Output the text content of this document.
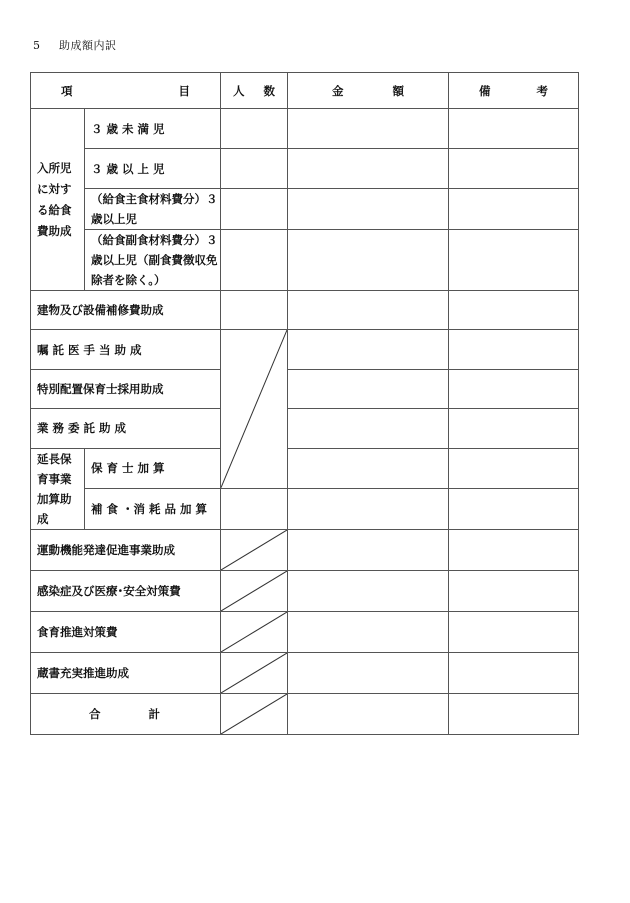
5 助成額内訳
項 目		人 数	金 額	備 考

入所児
に対す
る給食
費助成	３ 歳 未 満 児			
	３ 歳 以 上 児			
	（給食主食材料費分）３歳以上児			
	（給食副食材料費分）３歳以上児（副食費徴収免除者を除く。）			
建物及び設備補修費助成				
嘱 託 医 手 当 助 成	

特別配置保育士採用助成				
業 務 委 託 助 成				

延長保
育事業
加算助
成	保 育 士 加 算			
	補 食 ・消 耗 品 加 算			
運動機能発達促進事業助成	

感染症及び医療･安全対策費	

食育推進対策費	

蔵書充実推進助成	

合 計
